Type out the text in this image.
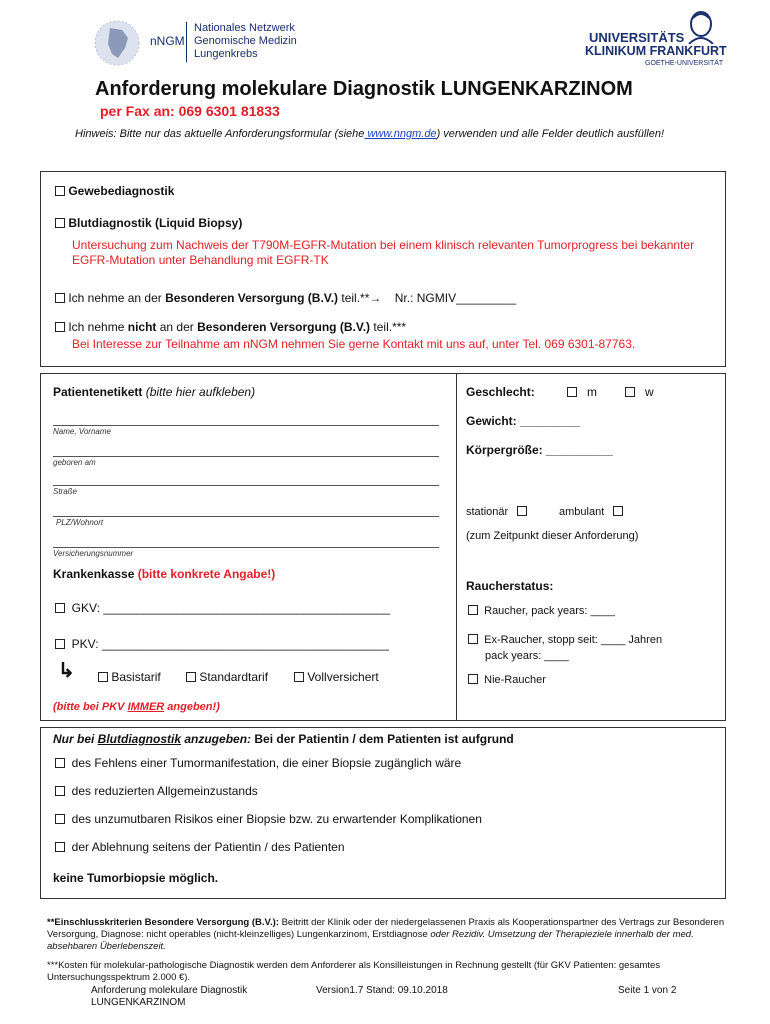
nNGM
Nationales Netzwerk
Genomische Medizin
Lungenkrebs
UNIVERSITÄTS
KLINIKUM FRANKFURT
GOETHE-UNIVERSITÄT
Anforderung molekulare Diagnostik LUNGENKARZINOM
per Fax an: 069 6301 81833
Hinweis: Bitte nur das aktuelle Anforderungsformular (siehe www.nngm.de) verwenden und alle Felder deutlich ausfüllen!
Gewebediagnostik
Blutdiagnostik (Liquid Biopsy)
Untersuchung zum Nachweis der T790M-EGFR-Mutation bei einem klinisch relevanten Tumorprogress bei bekannter EGFR-Mutation unter Behandlung mit EGFR-TK
Ich nehme an der Besonderen Versorgung (B.V.) teil.**→ Nr.: NGMIV_________
Ich nehme nicht an der Besonderen Versorgung (B.V.) teil.***
Bei Interesse zur Teilnahme am nNGM nehmen Sie gerne Kontakt mit uns auf, unter Tel. 069 6301-87763.
Patientenetikett (bitte hier aufkleben)
Name, Vorname
geboren am
Straße
PLZ/Wohnort
Versicherungsnummer
Krankenkasse (bitte konkrete Angabe!)
GKV: ___________________________________________
PKV: ___________________________________________
↳	Basistarif	Standardtarif	Vollversichert
(bitte bei PKV IMMER angeben!)
Geschlecht:	m	w
Gewicht: _________
Körpergröße: __________
stationär	ambulant
(zum Zeitpunkt dieser Anforderung)
Raucherstatus:
Raucher, pack years: ____
Ex-Raucher, stopp seit: ____ Jahren
pack years: ____
Nie-Raucher
Nur bei Blutdiagnostik anzugeben: Bei der Patientin / dem Patienten ist aufgrund
des Fehlens einer Tumormanifestation, die einer Biopsie zugänglich wäre
des reduzierten Allgemeinzustands
des unzumutbaren Risikos einer Biopsie bzw. zu erwartender Komplikationen
der Ablehnung seitens der Patientin / des Patienten
keine Tumorbiopsie möglich.
**Einschlusskriterien Besondere Versorgung (B.V.): Beitritt der Klinik oder der niedergelassenen Praxis als Kooperationspartner des Vertrags zur Besonderen Versorgung, Diagnose: nicht operables (nicht-kleinzelliges) Lungenkarzinom, Erstdiagnose oder Rezidiv. Umsetzung der Therapieziele innerhalb der med. absehbaren Überlebenszeit.
***Kosten für molekular-pathologische Diagnostik werden dem Anforderer als Konsilleistungen in Rechnung gestellt (für GKV Patienten: gesamtes Untersuchungsspektrum 2.000 €).
Anforderung molekulare Diagnostik
LUNGENKARZINOM
Version1.7 Stand: 09.10.2018	Seite 1 von 2
